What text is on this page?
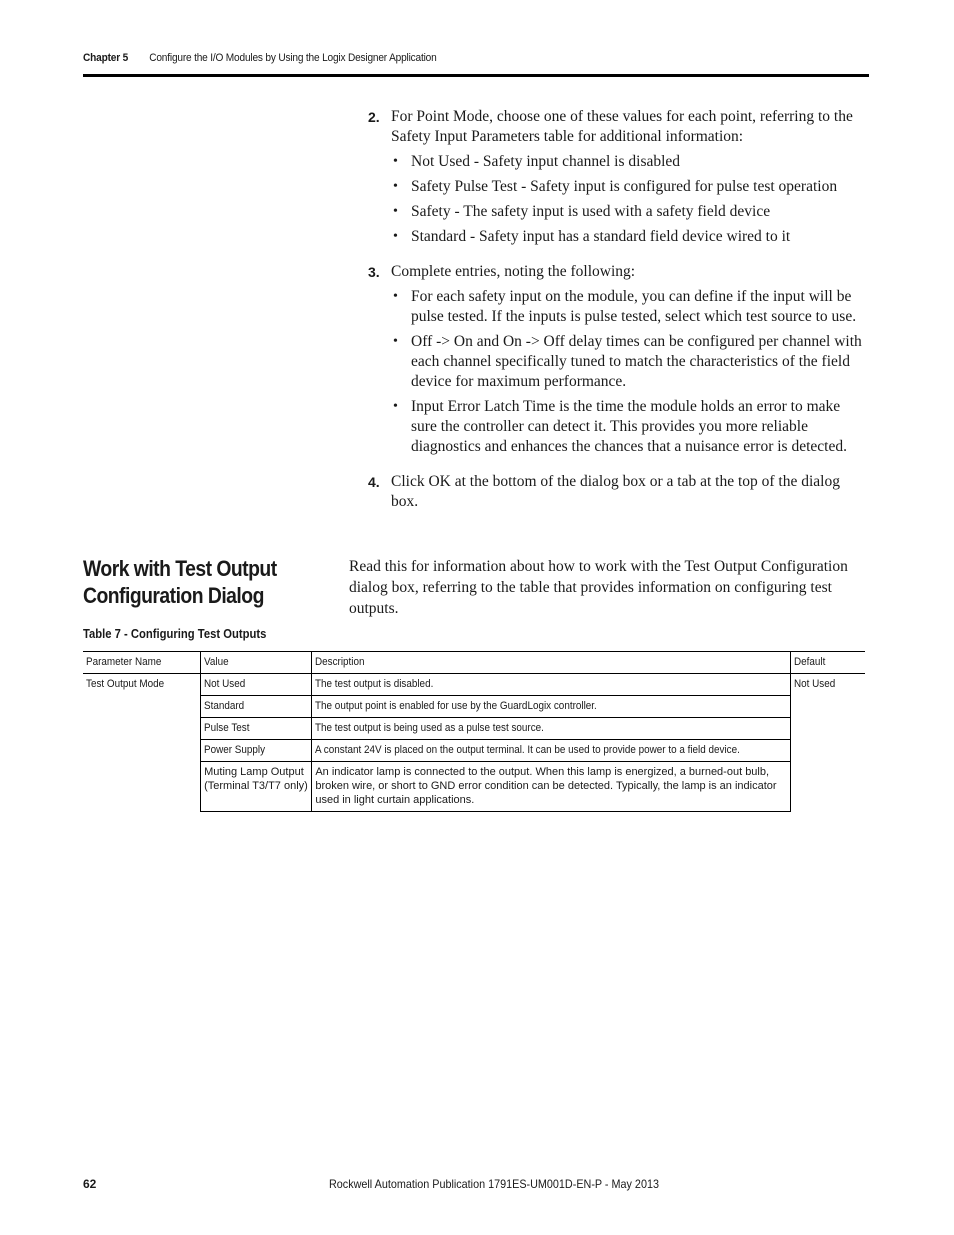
Chapter 5 Configure the I/O Modules by Using the Logix Designer Application
2. For Point Mode, choose one of these values for each point, referring to the Safety Input Parameters table for additional information:
• Not Used - Safety input channel is disabled
• Safety Pulse Test - Safety input is configured for pulse test operation
• Safety - The safety input is used with a safety field device
• Standard - Safety input has a standard field device wired to it
3. Complete entries, noting the following:
• For each safety input on the module, you can define if the input will be pulse tested. If the inputs is pulse tested, select which test source to use.
• Off -> On and On -> Off delay times can be configured per channel with each channel specifically tuned to match the characteristics of the field device for maximum performance.
• Input Error Latch Time is the time the module holds an error to make sure the controller can detect it. This provides you more reliable diagnostics and enhances the chances that a nuisance error is detected.
4. Click OK at the bottom of the dialog box or a tab at the top of the dialog box.
Work with Test Output Configuration Dialog

Read this for information about how to work with the Test Output Configuration dialog box, referring to the table that provides information on configuring test outputs.

Table 7 - Configuring Test Outputs
Parameter Name	Value	Description	Default
Test Output Mode	Not Used	The test output is disabled.	Not Used
	Standard	The output point is enabled for use by the GuardLogix controller.	
	Pulse Test	The test output is being used as a pulse test source.	
	Power Supply	A constant 24V is placed on the output terminal. It can be used to provide power to a field device.	

	Muting Lamp Output (Terminal T3/T7 only)	An indicator lamp is connected to the output. When this lamp is energized, a burned-out bulb, broken wire, or short to GND error condition can be detected. Typically, the lamp is an indicator used in light curtain applications.	
62	Rockwell Automation Publication 1791ES-UM001D-EN-P - May 2013
